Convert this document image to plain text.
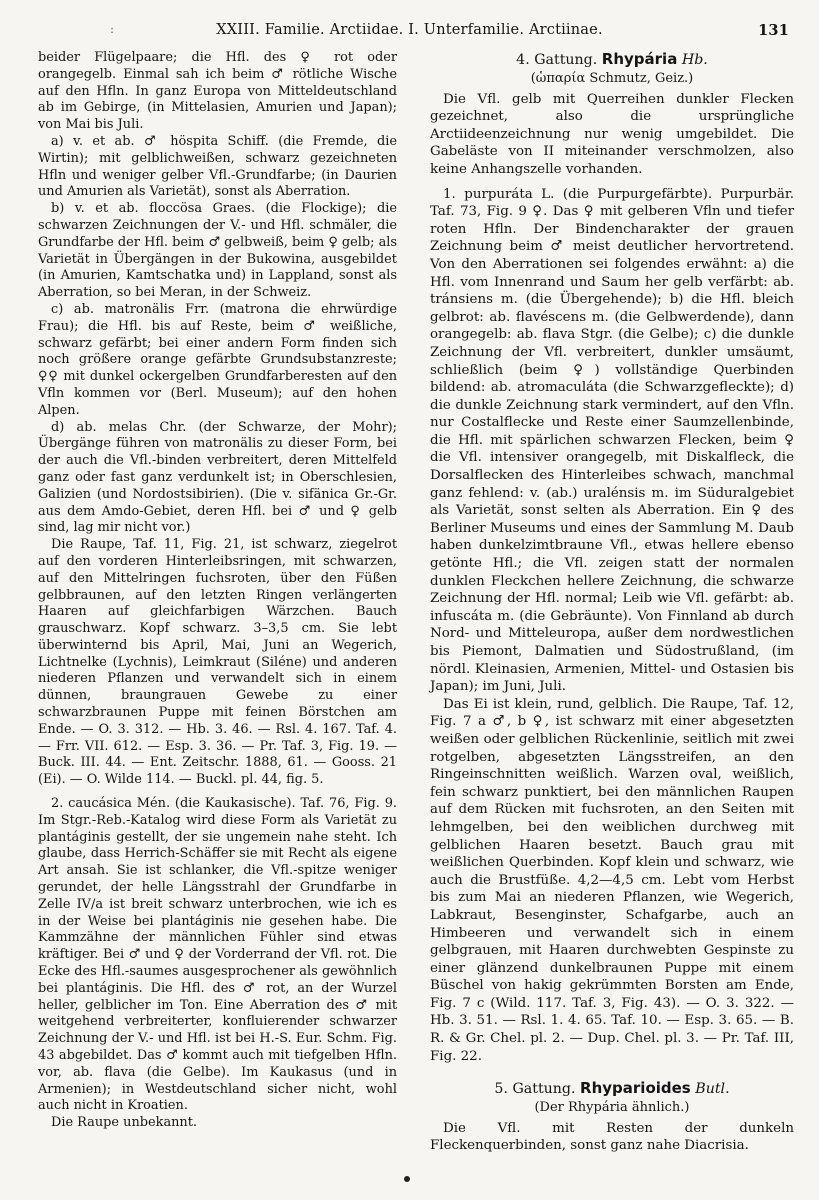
ː	XXIII. Familie. Arctiidae. I. Unterfamilie. Arctiinae.	131

beider Flügelpaare; die Hfl. des ♀ rot oder orangegelb. Einmal sah ich beim ♂ rötliche Wische auf den Hfln. In ganz Europa von Mitteldeutschland ab im Gebirge, (in Mittelasien, Amurien und Japan); von Mai bis Juli.

a) v. et ab. ♂ höspita Schiff. (die Fremde, die Wirtin); mit gelblichweißen, schwarz gezeichneten Hfln und weniger gelber Vfl.-Grundfarbe; (in Daurien und Amurien als Varietät), sonst als Aberration.

b) v. et ab. floccösa Graes. (die Flockige); die schwarzen Zeichnungen der V.- und Hfl. schmäler, die Grundfarbe der Hfl. beim ♂ gelbweiß, beim ♀ gelb; als Varietät in Übergängen in der Bukowina, ausgebildet (in Amurien, Kamtschatka und) in Lappland, sonst als Aberration, so bei Meran, in der Schweiz.

c) ab. matronälis Frr. (matrona die ehrwürdige Frau); die Hfl. bis auf Reste, beim ♂ weißliche, schwarz gefärbt; bei einer andern Form finden sich noch größere orange gefärbte Grundsubstanzreste; ♀♀ mit dunkel ockergelben Grundfarberesten auf den Vfln kommen vor (Berl. Museum); auf den hohen Alpen.

d) ab. melas Chr. (der Schwarze, der Mohr); Übergänge führen von matronälis zu dieser Form, bei der auch die Vfl.-binden verbreitert, deren Mittelfeld ganz oder fast ganz verdunkelt ist; in Oberschlesien, Galizien (und Nordostsibirien). (Die v. sifänica Gr.-Gr. aus dem Amdo-Gebiet, deren Hfl. bei ♂ und ♀ gelb sind, lag mir nicht vor.)

Die Raupe, Taf. 11, Fig. 21, ist schwarz, ziegelrot auf den vorderen Hinterleibsringen, mit schwarzen, auf den Mittelringen fuchsroten, über den Füßen gelbbraunen, auf den letzten Ringen verlängerten Haaren auf gleichfarbigen Wärzchen. Bauch grauschwarz. Kopf schwarz. 3–3,5 cm. Sie lebt überwinternd bis April, Mai, Juni an Wegerich, Lichtnelke (Lychnis), Leimkraut (Siléne) und anderen niederen Pflanzen und verwandelt sich in einem dünnen, braungrauen Gewebe zu einer schwarzbraunen Puppe mit feinen Börstchen am Ende. — O. 3. 312. — Hb. 3. 46. — Rsl. 4. 167. Taf. 4. — Frr. VII. 612. — Esp. 3. 36. — Pr. Taf. 3, Fig. 19. — Buck. III. 44. — Ent. Zeitschr. 1888, 61. — Gooss. 21 (Ei). — O. Wilde 114. — Buckl. pl. 44, fig. 5.

2. caucásica Mén. (die Kaukasische). Taf. 76, Fig. 9. Im Stgr.-Reb.-Katalog wird diese Form als Varietät zu plantáginis gestellt, der sie ungemein nahe steht. Ich glaube, dass Herrich-Schäffer sie mit Recht als eigene Art ansah. Sie ist schlanker, die Vfl.-spitze weniger gerundet, der helle Längsstrahl der Grundfarbe in Zelle IV/a ist breit schwarz unterbrochen, wie ich es in der Weise bei plantáginis nie gesehen habe. Die Kammzähne der männlichen Fühler sind etwas kräftiger. Bei ♂ und ♀ der Vorderrand der Vfl. rot. Die Ecke des Hfl.-saumes ausgesprochener als gewöhnlich bei plantáginis. Die Hfl. des ♂ rot, an der Wurzel heller, gelblicher im Ton. Eine Aberration des ♂ mit weitgehend verbreiterter, konfluierender schwarzer Zeichnung der V.- und Hfl. ist bei H.-S. Eur. Schm. Fig. 43 abgebildet. Das ♂ kommt auch mit tiefgelben Hfln. vor, ab. flava (die Gelbe). Im Kaukasus (und in Armenien); in Westdeutschland sicher nicht, wohl auch nicht in Kroatien.

Die Raupe unbekannt.

4. Gattung. Rhypária Hb.

(ὡπαρία Schmutz, Geiz.)

Die Vfl. gelb mit Querreihen dunkler Flecken gezeichnet, also die ursprüngliche Arctiideenzeichnung nur wenig umgebildet. Die Gabeläste von II miteinander verschmolzen, also keine Anhangszelle vorhanden.

1. purpuráta L. (die Purpurgefärbte). Purpurbär. Taf. 73, Fig. 9 ♀. Das ♀ mit gelberen Vfln und tiefer roten Hfln. Der Bindencharakter der grauen Zeichnung beim ♂ meist deutlicher hervortretend. Von den Aberrationen sei folgendes erwähnt: a) die Hfl. vom Innenrand und Saum her gelb verfärbt: ab. tránsiens m. (die Übergehende); b) die Hfl. bleich gelbrot: ab. flavéscens m. (die Gelbwerdende), dann orangegelb: ab. flava Stgr. (die Gelbe); c) die dunkle Zeichnung der Vfl. verbreitert, dunkler umsäumt, schließlich (beim ♀) vollständige Querbinden bildend: ab. atromaculáta (die Schwarzgefleckte); d) die dunkle Zeichnung stark vermindert, auf den Vfln. nur Costalflecke und Reste einer Saumzellenbinde, die Hfl. mit spärlichen schwarzen Flecken, beim ♀ die Vfl. intensiver orangegelb, mit Diskalfleck, die Dorsalflecken des Hinterleibes schwach, manchmal ganz fehlend: v. (ab.) uralénsis m. im Süduralgebiet als Varietät, sonst selten als Aberration. Ein ♀ des Berliner Museums und eines der Sammlung M. Daub haben dunkelzimtbraune Vfl., etwas hellere ebenso getönte Hfl.; die Vfl. zeigen statt der normalen dunklen Fleckchen hellere Zeichnung, die schwarze Zeichnung der Hfl. normal; Leib wie Vfl. gefärbt: ab. infuscáta m. (die Gebräunte). Von Finnland ab durch Nord- und Mitteleuropa, außer dem nordwestlichen bis Piemont, Dalmatien und Südostrußland, (im nördl. Kleinasien, Armenien, Mittel- und Ostasien bis Japan); im Juni, Juli.

Das Ei ist klein, rund, gelblich. Die Raupe, Taf. 12, Fig. 7 a ♂, b ♀, ist schwarz mit einer abgesetzten weißen oder gelblichen Rückenlinie, seitlich mit zwei rotgelben, abgesetzten Längsstreifen, an den Ringeinschnitten weißlich. Warzen oval, weißlich, fein schwarz punktiert, bei den männlichen Raupen auf dem Rücken mit fuchsroten, an den Seiten mit lehmgelben, bei den weiblichen durchweg mit gelblichen Haaren besetzt. Bauch grau mit weißlichen Querbinden. Kopf klein und schwarz, wie auch die Brustfüße. 4,2—4,5 cm. Lebt vom Herbst bis zum Mai an niederen Pflanzen, wie Wegerich, Labkraut, Besenginster, Schafgarbe, auch an Himbeeren und verwandelt sich in einem gelbgrauen, mit Haaren durchwebten Gespinste zu einer glänzend dunkelbraunen Puppe mit einem Büschel von hakig gekrümmten Borsten am Ende, Fig. 7 c (Wild. 117. Taf. 3, Fig. 43). — O. 3. 322. — Hb. 3. 51. — Rsl. 1. 4. 65. Taf. 10. — Esp. 3. 65. — B. R. & Gr. Chel. pl. 2. — Dup. Chel. pl. 3. — Pr. Taf. III, Fig. 22.

5. Gattung. Rhyparioides Butl.

(Der Rhypária ähnlich.)

Die Vfl. mit Resten der dunkeln Fleckenquerbinden, sonst ganz nahe Diacrisia.
